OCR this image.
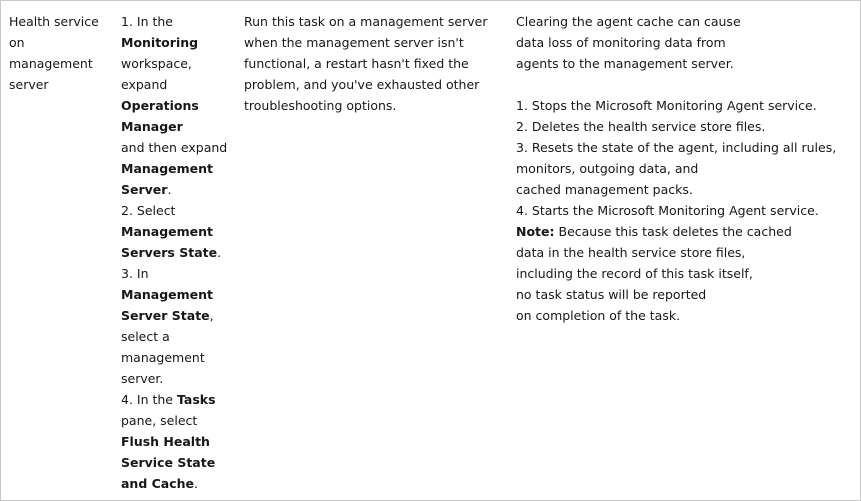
Health service
on
management
server
1. In the
Monitoring
workspace,
expand
Operations
Manager
and then expand
Management
Server.
2. Select
Management
Servers State.
3. In
Management
Server State,
select a
management
server.
4. In the Tasks
pane, select
Flush Health
Service State
and Cache.
Run this task on a management server
when the management server isn't
functional, a restart hasn't fixed the
problem, and you've exhausted other
troubleshooting options.
Clearing the agent cache can cause
data loss of monitoring data from
agents to the management server.
1. Stops the Microsoft Monitoring Agent service.
2. Deletes the health service store files.
3. Resets the state of the agent, including all rules,
monitors, outgoing data, and
cached management packs.
4. Starts the Microsoft Monitoring Agent service.
Note: Because this task deletes the cached
data in the health service store files,
including the record of this task itself,
no task status will be reported
on completion of the task.
